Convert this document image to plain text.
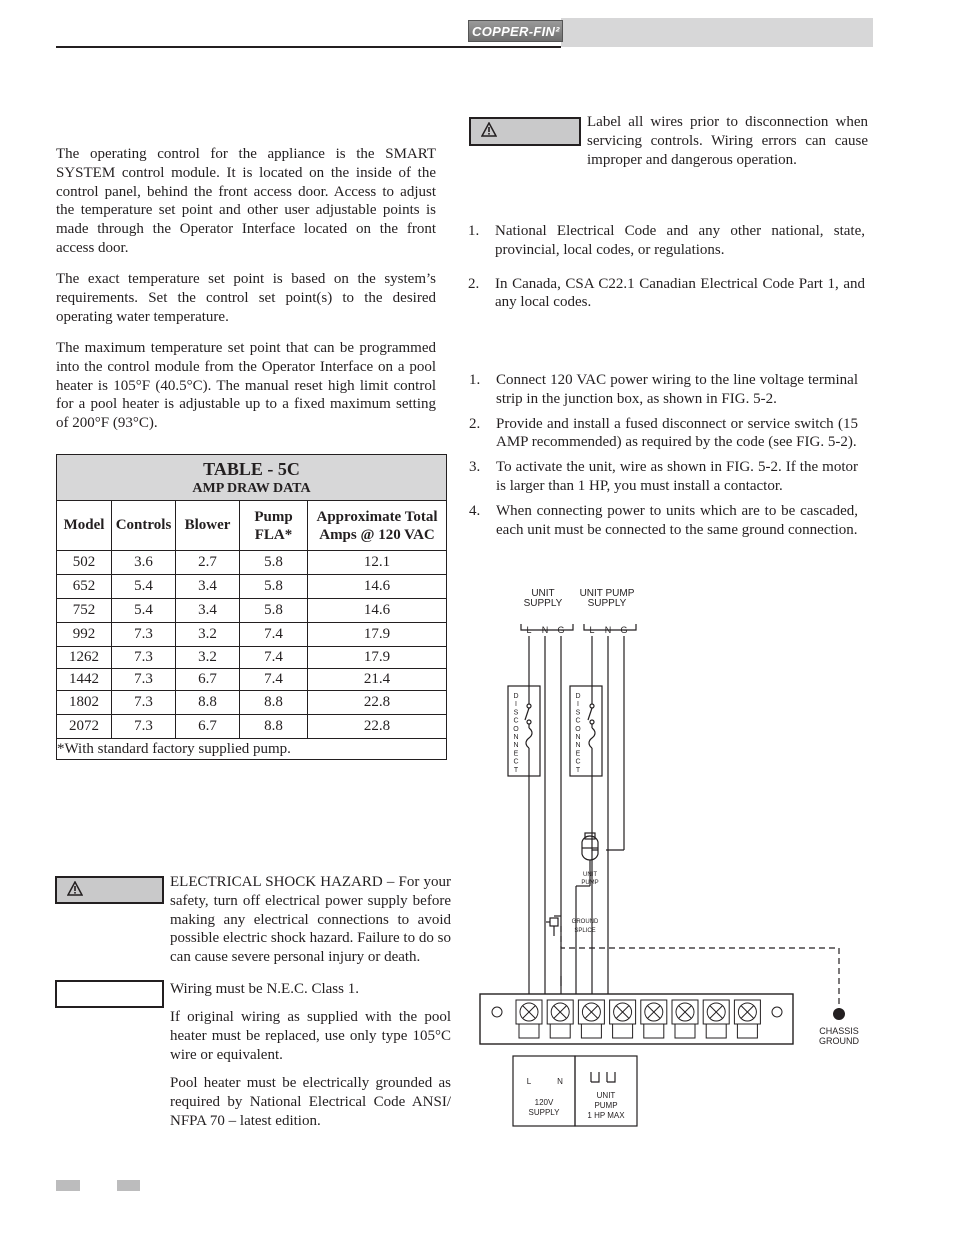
COPPER-FIN²
The operating control for the appliance is the SMART SYSTEM control module. It is located on the inside of the control panel, behind the front access door. Access to adjust the temperature set point and other user adjustable points is made through the Operator Interface located on the front access door.
The exact temperature set point is based on the system’s requirements. Set the control set point(s) to the desired operating water temperature.
The maximum temperature set point that can be programmed into the control module from the Operator Interface on a pool heater is 105°F (40.5°C). The manual reset high limit control for a pool heater is adjustable up to a fixed maximum setting of 200°F (93°C).
TABLE - 5C
AMP DRAW DATA				

Model	Controls	Blower	Pump FLA*	Approximate Total Amps @ 120 VAC
502	3.6	2.7	5.8	12.1
652	5.4	3.4	5.8	14.6
752	5.4	3.4	5.8	14.6
992	7.3	3.2	7.4	17.9
1262	7.3	3.2	7.4	17.9
1442	7.3	6.7	7.4	21.4
1802	7.3	8.8	8.8	22.8
2072	7.3	6.7	8.8	22.8
*With standard factory supplied pump.				
ELECTRICAL SHOCK HAZARD – For your safety, turn off electrical power supply before making any electrical connections to avoid possible electric shock hazard. Failure to do so can cause severe personal injury or death.
Wiring must be N.E.C. Class 1.
If original wiring as supplied with the pool heater must be replaced, use only type 105°C wire or equivalent.
Pool heater must be electrically grounded as required by National Electrical Code ANSI/ NFPA 70 – latest edition.
Label all wires prior to disconnection when servicing controls. Wiring errors can cause improper and dangerous operation.
1. National Electrical Code and any other national, state, provincial, local codes, or regulations.
2. In Canada, CSA C22.1 Canadian Electrical Code Part 1, and any local codes.
1. Connect 120 VAC power wiring to the line voltage terminal strip in the junction box, as shown in FIG. 5-2.
2. Provide and install a fused disconnect or service switch (15 AMP recommended) as required by the code (see FIG. 5-2).
3. To activate the unit, wire as shown in FIG. 5-2. If the motor is larger than 1 HP, you must install a contactor.
4. When connecting power to units which are to be cascaded, each unit must be connected to the same ground connection.
UNIT
SUPPLY
UNIT PUMP
SUPPLY
L N G	L N G
UNIT
PUMP
GROUND
SPLICE
CHASSIS
GROUND
L	N
120V
SUPPLY
UNIT
PUMP
1 HP MAX
D
I
S
C
O
N
N
E
C
T
D
I
S
C
O
N
N
E
C
T
